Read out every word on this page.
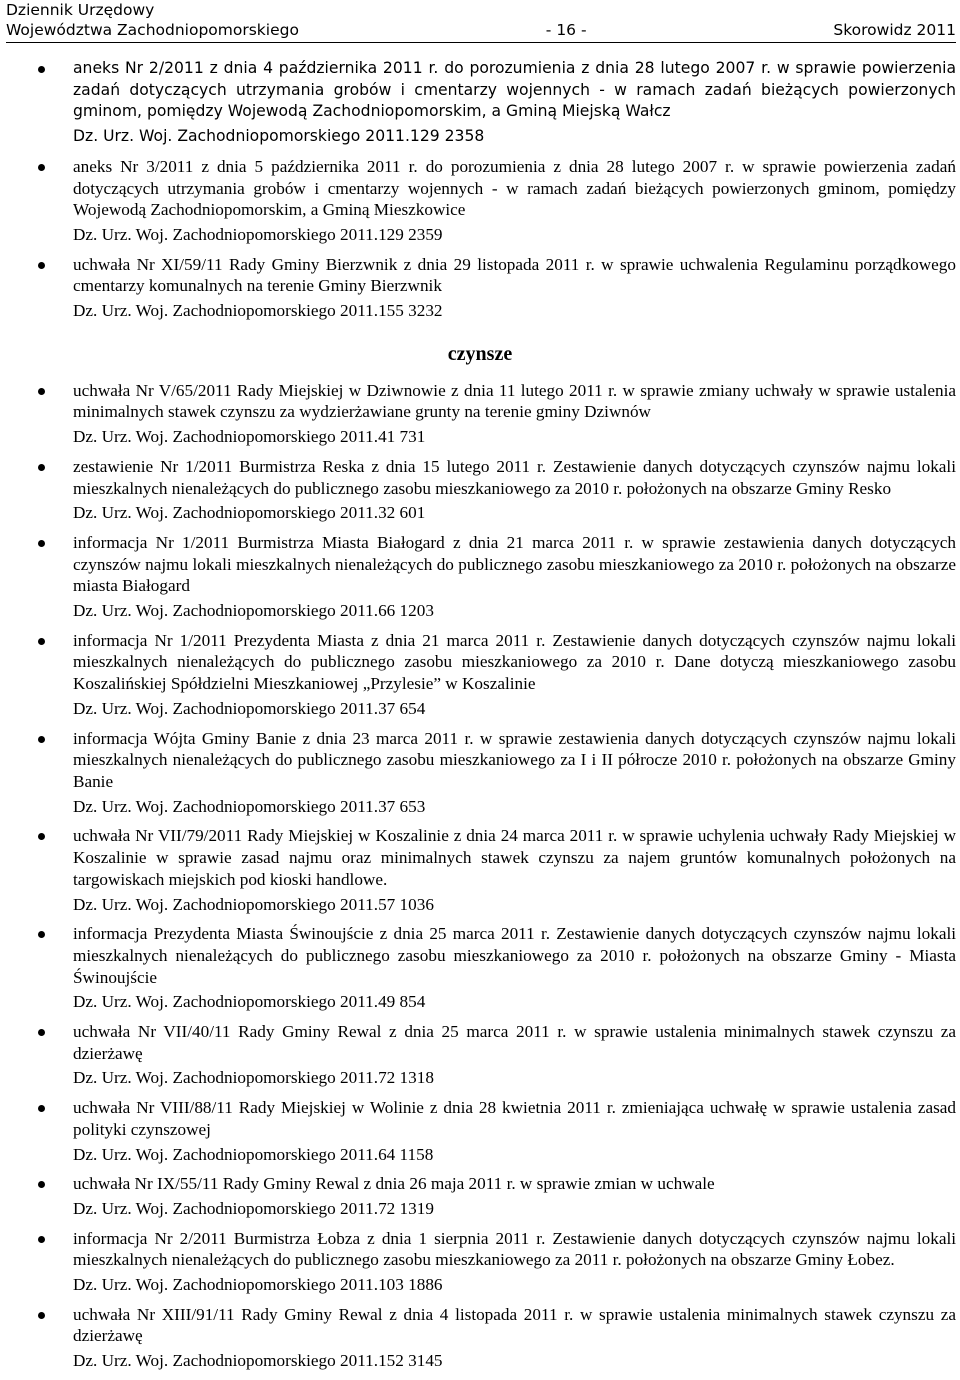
Dziennik Urzędowy
Województwa Zachodniopomorskiego	- 16 -	Skorowidz 2011
aneks Nr 2/2011 z dnia 4 października 2011 r. do porozumienia z dnia 28 lutego 2007 r. w sprawie powierzenia zadań dotyczących utrzymania grobów i cmentarzy wojennych - w ramach zadań bieżących powierzonych gminom, pomiędzy Wojewodą Zachodniopomorskim, a Gminą Miejską Wałcz
Dz. Urz. Woj. Zachodniopomorskiego 2011.129 2358
aneks Nr 3/2011 z dnia 5 października 2011 r. do porozumienia z dnia 28 lutego 2007 r. w sprawie powierzenia zadań dotyczących utrzymania grobów i cmentarzy wojennych - w ramach zadań bieżących powierzonych gminom, pomiędzy Wojewodą Zachodniopomorskim, a Gminą Mieszkowice
Dz. Urz. Woj. Zachodniopomorskiego 2011.129 2359
uchwała Nr XI/59/11 Rady Gminy Bierzwnik z dnia 29 listopada 2011 r. w sprawie uchwalenia Regulaminu porządkowego cmentarzy komunalnych na terenie Gminy Bierzwnik
Dz. Urz. Woj. Zachodniopomorskiego 2011.155 3232
czynsze
uchwała Nr V/65/2011 Rady Miejskiej w Dziwnowie z dnia 11 lutego 2011 r. w sprawie zmiany uchwały w sprawie ustalenia minimalnych stawek czynszu za wydzierżawiane grunty na terenie gminy Dziwnów
Dz. Urz. Woj. Zachodniopomorskiego 2011.41 731
zestawienie Nr 1/2011 Burmistrza Reska z dnia 15 lutego 2011 r. Zestawienie danych dotyczących czynszów najmu lokali mieszkalnych nienależących do publicznego zasobu mieszkaniowego za 2010 r. położonych na obszarze Gminy Resko
Dz. Urz. Woj. Zachodniopomorskiego 2011.32 601
informacja Nr 1/2011 Burmistrza Miasta Białogard z dnia 21 marca 2011 r. w sprawie zestawienia danych dotyczących czynszów najmu lokali mieszkalnych nienależących do publicznego zasobu mieszkaniowego za 2010 r. położonych na obszarze miasta Białogard
Dz. Urz. Woj. Zachodniopomorskiego 2011.66 1203
informacja Nr 1/2011 Prezydenta Miasta z dnia 21 marca 2011 r. Zestawienie danych dotyczących czynszów najmu lokali mieszkalnych nienależących do publicznego zasobu mieszkaniowego za 2010 r. Dane dotyczą mieszkaniowego zasobu Koszalińskiej Spółdzielni Mieszkaniowej „Przylesie” w Koszalinie
Dz. Urz. Woj. Zachodniopomorskiego 2011.37 654
informacja Wójta Gminy Banie z dnia 23 marca 2011 r. w sprawie zestawienia danych dotyczących czynszów najmu lokali mieszkalnych nienależących do publicznego zasobu mieszkaniowego za I i II półrocze 2010 r. położonych na obszarze Gminy Banie
Dz. Urz. Woj. Zachodniopomorskiego 2011.37 653
uchwała Nr VII/79/2011 Rady Miejskiej w Koszalinie z dnia 24 marca 2011 r. w sprawie uchylenia uchwały Rady Miejskiej w Koszalinie w sprawie zasad najmu oraz minimalnych stawek czynszu za najem gruntów komunalnych położonych na targowiskach miejskich pod kioski handlowe.
Dz. Urz. Woj. Zachodniopomorskiego 2011.57 1036
informacja Prezydenta Miasta Świnoujście z dnia 25 marca 2011 r. Zestawienie danych dotyczących czynszów najmu lokali mieszkalnych nienależących do publicznego zasobu mieszkaniowego za 2010 r. położonych na obszarze Gminy - Miasta Świnoujście
Dz. Urz. Woj. Zachodniopomorskiego 2011.49 854
uchwała Nr VII/40/11 Rady Gminy Rewal z dnia 25 marca 2011 r. w sprawie ustalenia minimalnych stawek czynszu za dzierżawę
Dz. Urz. Woj. Zachodniopomorskiego 2011.72 1318
uchwała Nr VIII/88/11 Rady Miejskiej w Wolinie z dnia 28 kwietnia 2011 r. zmieniająca uchwałę w sprawie ustalenia zasad polityki czynszowej
Dz. Urz. Woj. Zachodniopomorskiego 2011.64 1158
uchwała Nr IX/55/11 Rady Gminy Rewal z dnia 26 maja 2011 r. w sprawie zmian w uchwale
Dz. Urz. Woj. Zachodniopomorskiego 2011.72 1319
informacja Nr 2/2011 Burmistrza Łobza z dnia 1 sierpnia 2011 r. Zestawienie danych dotyczących czynszów najmu lokali mieszkalnych nienależących do publicznego zasobu mieszkaniowego za 2011 r. położonych na obszarze Gminy Łobez.
Dz. Urz. Woj. Zachodniopomorskiego 2011.103 1886
uchwała Nr XIII/91/11 Rady Gminy Rewal z dnia 4 listopada 2011 r. w sprawie ustalenia minimalnych stawek czynszu za dzierżawę
Dz. Urz. Woj. Zachodniopomorskiego 2011.152 3145
